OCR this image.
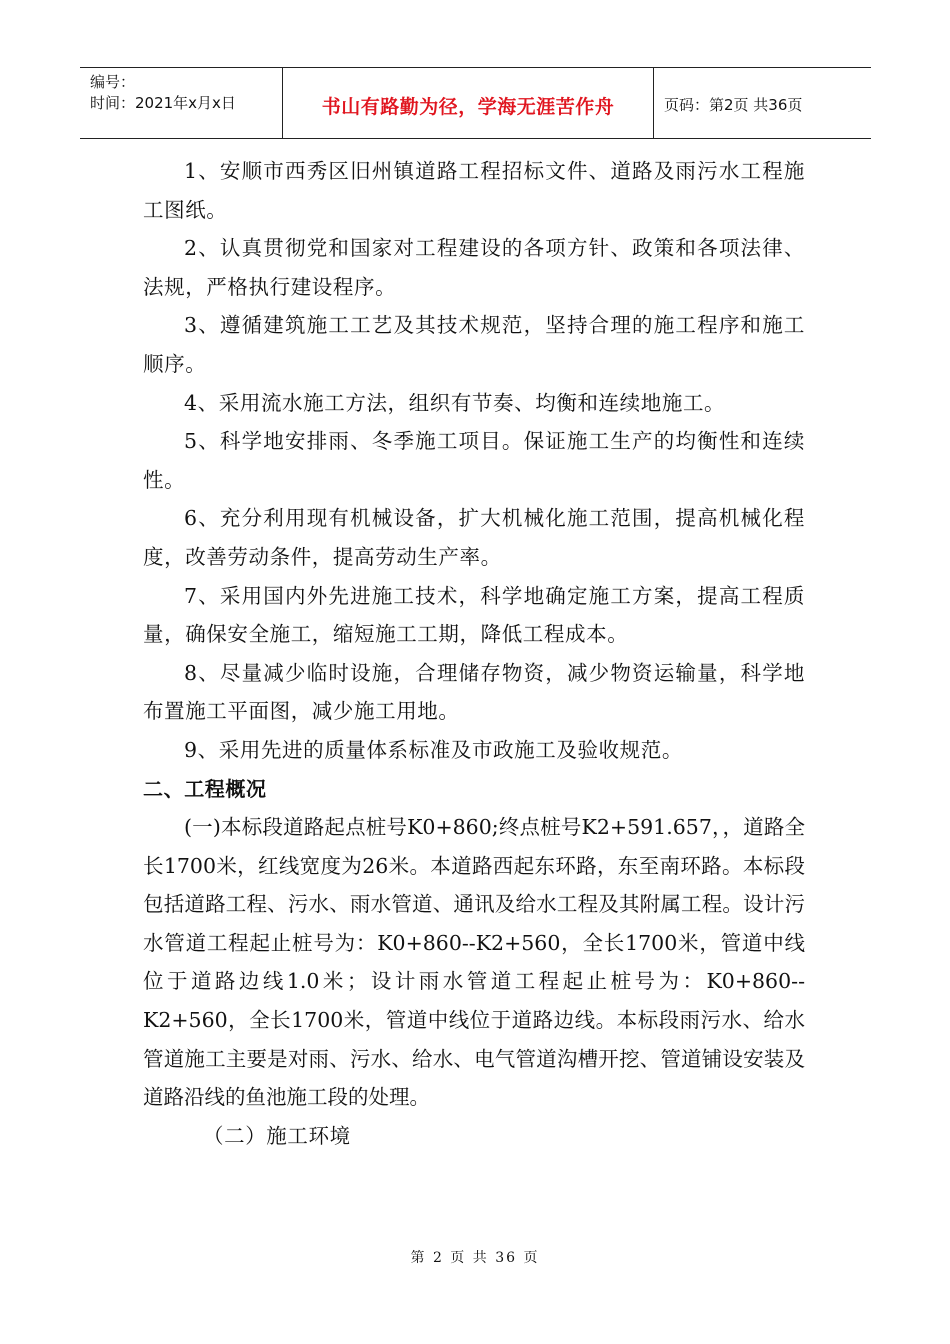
编号：
时间：2021年x月x日	书山有路勤为径，学海无涯苦作舟	页码：第2页 共36页

1、安顺市西秀区旧州镇道路工程招标文件、道路及雨污水工程施工图纸。

2、认真贯彻党和国家对工程建设的各项方针、政策和各项法律、法规，严格执行建设程序。

3、遵循建筑施工工艺及其技术规范，坚持合理的施工程序和施工顺序。

4、采用流水施工方法，组织有节奏、均衡和连续地施工。

5、科学地安排雨、冬季施工项目。保证施工生产的均衡性和连续性。

6、充分利用现有机械设备，扩大机械化施工范围，提高机械化程度，改善劳动条件，提高劳动生产率。

7、采用国内外先进施工技术，科学地确定施工方案，提高工程质量，确保安全施工，缩短施工工期，降低工程成本。

8、尽量减少临时设施，合理储存物资，减少物资运输量，科学地布置施工平面图，减少施工用地。

9、采用先进的质量体系标准及市政施工及验收规范。

二、工程概况

(一)本标段道路起点桩号K0+860;终点桩号K2+591.657，，道路全长1700米，红线宽度为26米。本道路西起东环路，东至南环路。本标段包括道路工程、污水、雨水管道、通讯及给水工程及其附属工程。设计污水管道工程起止桩号为：K0+860--K2+560，全长1700米，管道中线位于道路边线1.0米；设计雨水管道工程起止桩号为：K0+860--K2+560，全长1700米，管道中线位于道路边线。本标段雨污水、给水管道施工主要是对雨、污水、给水、电气管道沟槽开挖、管道铺设安装及道路沿线的鱼池施工段的处理。

（二）施工环境

第 2 页 共 36 页
